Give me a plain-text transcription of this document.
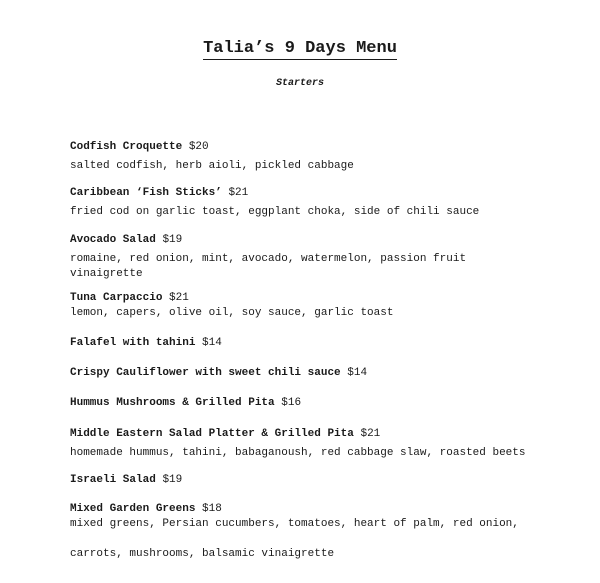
Talia’s 9 Days Menu
Starters
Codfish Croquette $20
salted codfish, herb aioli, pickled cabbage
Caribbean ‘Fish Sticks’ $21
fried cod on garlic toast, eggplant choka, side of chili sauce
Avocado Salad $19
romaine, red onion, mint, avocado, watermelon, passion fruit
vinaigrette
Tuna Carpaccio $21
lemon, capers, olive oil, soy sauce, garlic toast
Falafel with tahini $14
Crispy Cauliflower with sweet chili sauce $14
Hummus Mushrooms & Grilled Pita $16
Middle Eastern Salad Platter & Grilled Pita $21
homemade hummus, tahini, babaganoush, red cabbage slaw, roasted beets
Israeli Salad $19
Mixed Garden Greens $18
mixed greens, Persian cucumbers, tomatoes, heart of palm, red onion,
carrots, mushrooms, balsamic vinaigrette
